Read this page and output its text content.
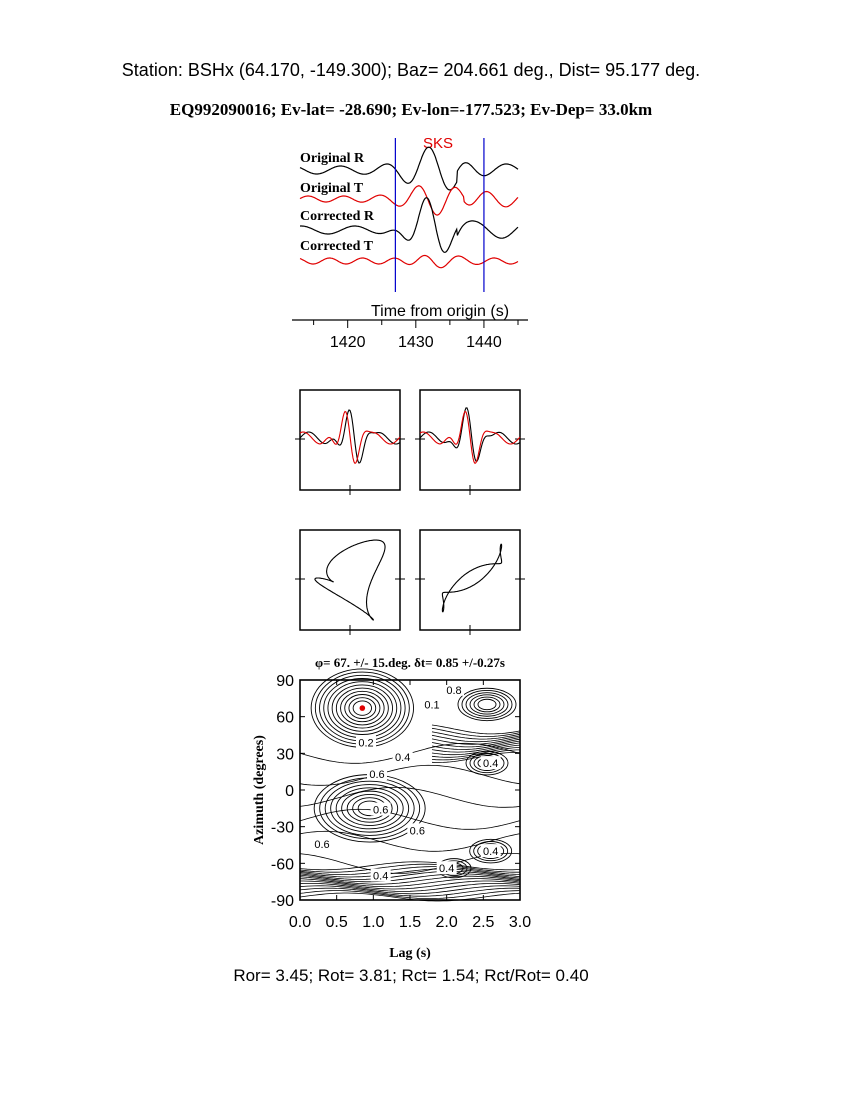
Station: BSHx (64.170, -149.300); Baz= 204.661 deg., Dist= 95.177 deg.
EQ992090016; Ev-lat= -28.690; Ev-lon=-177.523; Ev-Dep= 33.0km
Original R
Original T
Corrected R
Corrected T
SKS
Time from origin (s)
1420 1430 1440
φ= 67. +/- 15.deg. δt= 0.85 +/-0.27s
0.2
0.8
0.1
0.4
0.4
0.6
0.6
0.6
0.6
0.4
0.4
0.4
0.0 0.5 1.0 1.5 2.0 2.5 3.0
90
60
30
0
-30
-60
-90
Lag (s)
Azimuth (degrees)
Ror= 3.45; Rot= 3.81; Rct= 1.54; Rct/Rot= 0.40
